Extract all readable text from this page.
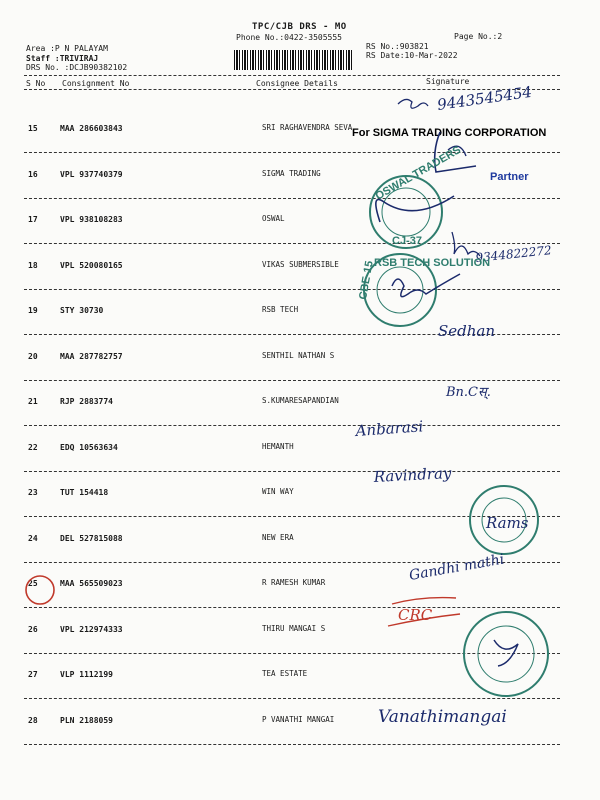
TPC/CJB DRS - MO
Phone No.:0422-3505555	Page No.:2
Area :P N PALAYAM
Staff :TRIVIRAJ
DRS No. :DCJB90382102
RS No.:903821
RS Date:10-Mar-2022
S No Consignment No	Consignee Details	Signature
15	MAA 286603843	SRI RAGHAVENDRA SEVA
16	VPL 937740379	SIGMA TRADING
17	VPL 938108283	OSWAL
18	VPL 520080165	VIKAS SUBMERSIBLE
19	STY 30730	RSB TECH
20	MAA 287782757	SENTHIL NATHAN S
21	RJP 2883774	S.KUMARESAPANDIAN
22	EDQ 10563634	HEMANTH
23	TUT 154418	WIN WAY
24	DEL 527815088	NEW ERA
25	MAA 565509023	R RAMESH KUMAR
26	VPL 212974333	THIRU MANGAI S
27	VLP 1112199	TEA ESTATE
28	PLN 2188059	P VANATHI MANGAI
9443545454
For SIGMA TRADING CORPORATION
Partner
OSWAL TRADERS
CJ-37
9344822272
RSB TECH SOLUTION
CBE-15
Sedhan
Bn.Cस्.
Anbarasi
Ravindray
Rams
Gandhi mathi
CRC
Vanathimangai
